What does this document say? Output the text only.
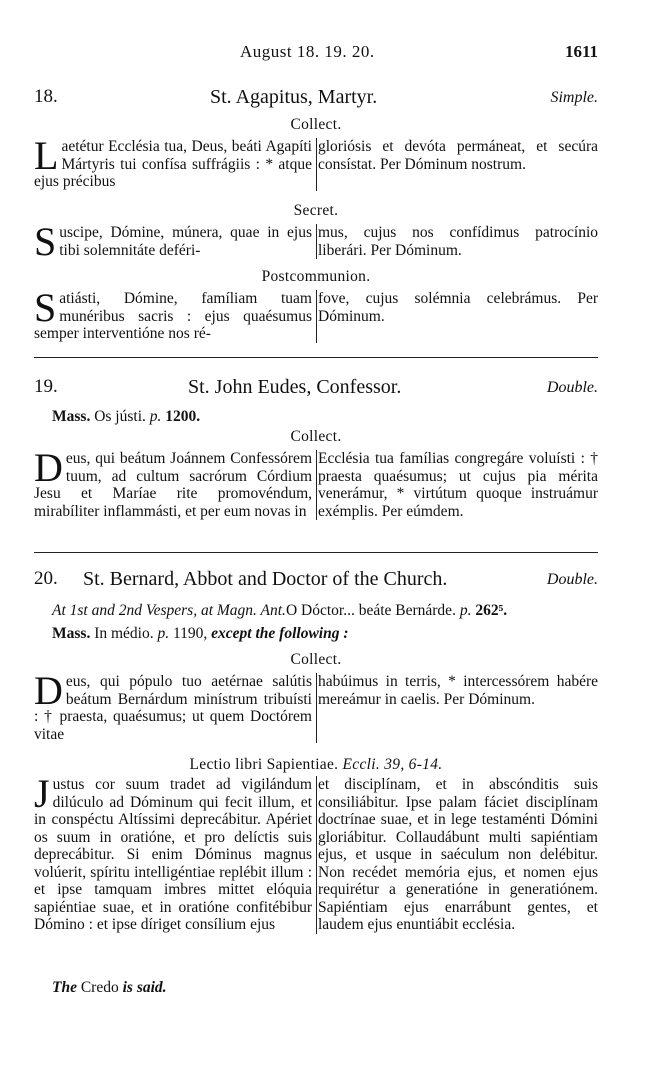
August 18. 19. 20.	1611
18.	St. Agapitus, Martyr.	Simple.
Collect.
Laetétur Ecclésia tua, Deus, beáti Agapíti Mártyris tui confísa suffrágiis : * atque ejus précibus
gloriósis et devóta permáneat, et secúra consístat. Per Dóminum nostrum.
Secret.
Suscipe, Dómine, múnera, quae in ejus tibi solemnitáte deféri-
mus, cujus nos confídimus patrocínio liberári. Per Dóminum.
Postcommunion.
Satiásti, Dómine, famíliam tuam munéribus sacris : ejus quaésumus semper interventióne nos ré-
fove, cujus solémnia celebrámus. Per Dóminum.
19.	St. John Eudes, Confessor.	Double.
Mass. Os jústi. p. 1200.
Collect.
Deus, qui beátum Joánnem Confessórem tuum, ad cultum sacrórum Córdium Jesu et Maríae rite promovéndum, mirabíliter inflammásti, et per eum novas in
Ecclésia tua famílias congregáre voluísti : † praesta quaésumus; ut cujus pia mérita venerámur, * virtútum quoque instruámur exémplis. Per eúmdem.
20. St. Bernard, Abbot and Doctor of the Church.	Double.
At 1st and 2nd Vespers, at Magn. Ant.O Dóctor... beáte Bernárde. p. 262⁵.
Mass. In médio. p. 1190, except the following :
Collect.
Deus, qui pópulo tuo aetérnae salútis beátum Bernárdum minístrum tribuísti : † praesta, quaésumus; ut quem Doctórem vitae
habúimus in terris, * intercessórem habére mereámur in caelis. Per Dóminum.
Lectio libri Sapientiae. Eccli. 39, 6-14.
Justus cor suum tradet ad vigilándum dilúculo ad Dóminum qui fecit illum, et in conspéctu Altíssimi deprecábitur. Apériet os suum in oratióne, et pro delíctis suis deprecábitur. Si enim Dóminus magnus volúerit, spíritu intelligéntiae replébit illum : et ipse tamquam imbres mittet elóquia sapiéntiae suae, et in oratióne confitébibur Dómino : et ipse díriget consílium ejus
et disciplínam, et in abscónditis suis consiliábitur. Ipse palam fáciet disciplínam doctrínae suae, et in lege testaménti Dómini gloriábitur. Collaudábunt multi sapiéntiam ejus, et usque in saéculum non delébitur. Non recédet memória ejus, et nomen ejus requirétur a generatióne in generatiónem. Sapiéntiam ejus enarrábunt gentes, et laudem ejus enuntiábit ecclésia.
The Credo is said.
